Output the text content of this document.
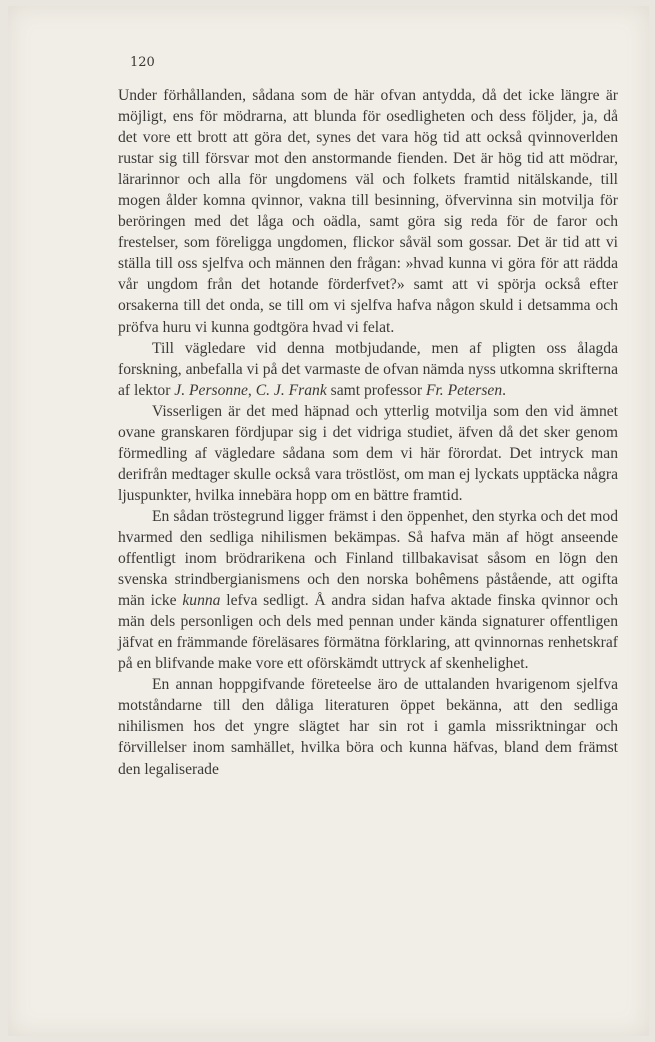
120

Under förhållanden, sådana som de här ofvan antydda, då det icke längre är möjligt, ens för mödrarna, att blunda för osedligheten och dess följder, ja, då det vore ett brott att göra det, synes det vara hög tid att också qvinnoverlden rustar sig till försvar mot den anstormande fienden. Det är hög tid att mödrar, lärarinnor och alla för ungdomens väl och folkets framtid nitälskande, till mogen ålder komna qvinnor, vakna till besinning, öfvervinna sin motvilja för beröringen med det låga och oädla, samt göra sig reda för de faror och frestelser, som föreligga ungdomen, flickor såväl som gossar. Det är tid att vi ställa till oss sjelfva och männen den frågan: »hvad kunna vi göra för att rädda vår ungdom från det hotande förderfvet?» samt att vi spörja också efter orsakerna till det onda, se till om vi sjelfva hafva någon skuld i detsamma och pröfva huru vi kunna godtgöra hvad vi felat.

Till vägledare vid denna motbjudande, men af pligten oss ålagda forskning, anbefalla vi på det varmaste de ofvan nämda nyss utkomna skrifterna af lektor J. Personne, C. J. Frank samt professor Fr. Petersen.

Visserligen är det med häpnad och ytterlig motvilja som den vid ämnet ovane granskaren fördjupar sig i det vidriga studiet, äfven då det sker genom förmedling af vägledare sådana som dem vi här förordat. Det intryck man derifrån medtager skulle också vara tröstlöst, om man ej lyckats upptäcka några ljuspunkter, hvilka innebära hopp om en bättre framtid.

En sådan tröstegrund ligger främst i den öppenhet, den styrka och det mod hvarmed den sedliga nihilismen bekämpas. Så hafva män af högt anseende offentligt inom brödrarikena och Finland tillbakavisat såsom en lögn den svenska strindbergianismens och den norska bohêmens påstående, att ogifta män icke kunna lefva sedligt. Å andra sidan hafva aktade finska qvinnor och män dels personligen och dels med pennan under kända signaturer offentligen jäfvat en främmande föreläsares förmätna förklaring, att qvinnornas renhetskraf på en blifvande make vore ett oförskämdt uttryck af skenhelighet.

En annan hoppgifvande företeelse äro de uttalanden hvarigenom sjelfva motståndarne till den dåliga literaturen öppet bekänna, att den sedliga nihilismen hos det yngre slägtet har sin rot i gamla missriktningar och förvillelser inom samhället, hvilka böra och kunna häfvas, bland dem främst den legaliserade
